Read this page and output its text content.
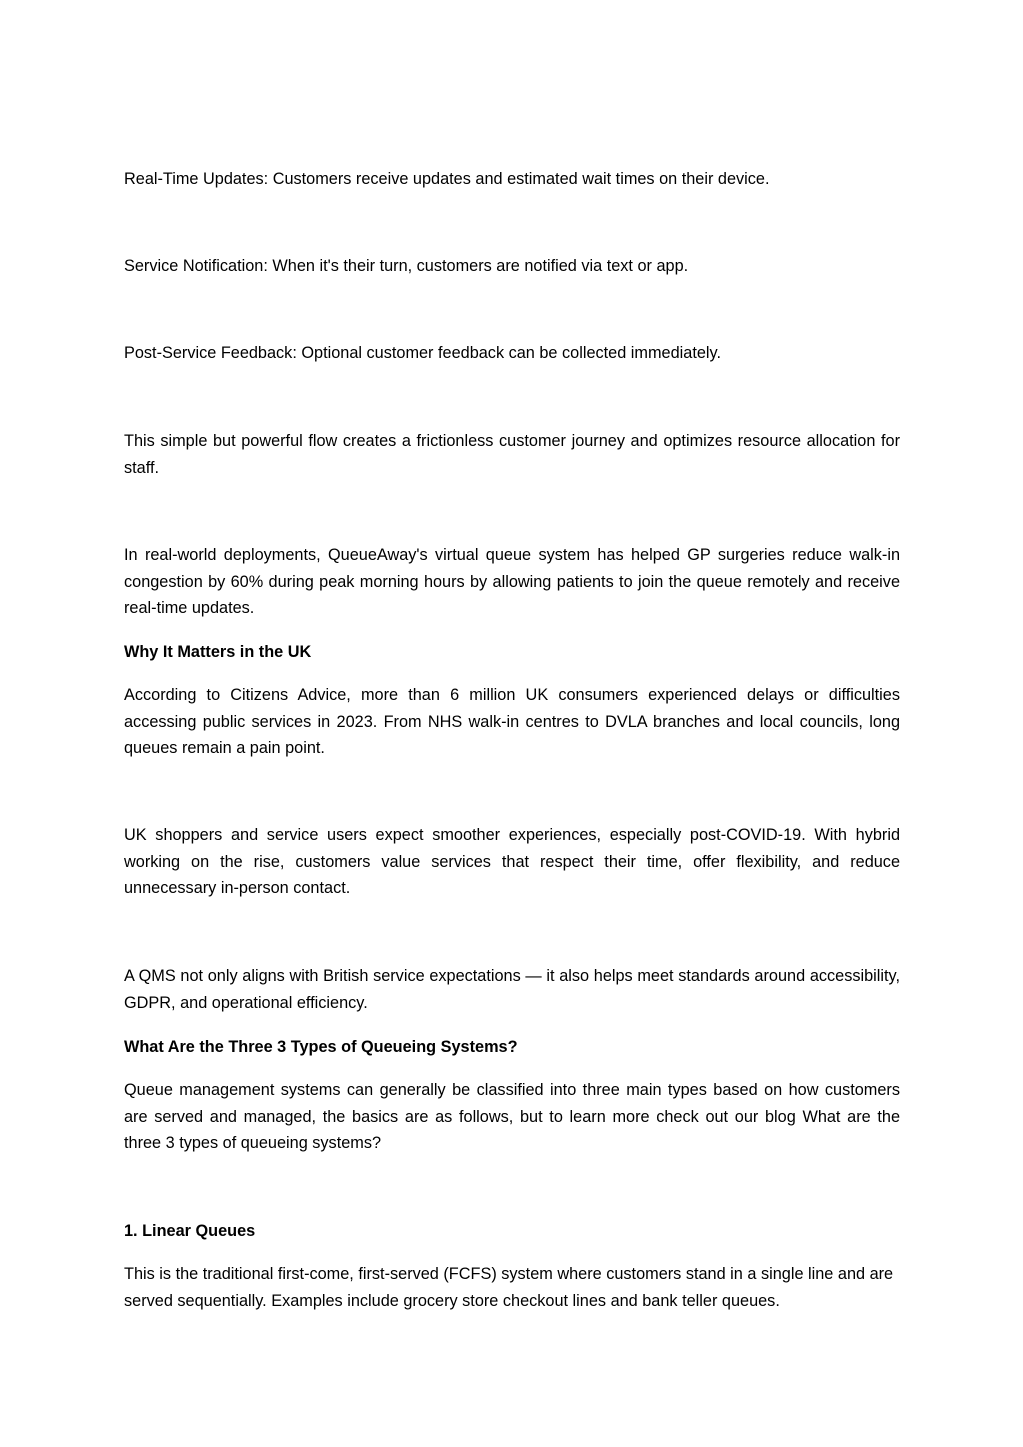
Real-Time Updates: Customers receive updates and estimated wait times on their device.

Service Notification: When it's their turn, customers are notified via text or app.

Post-Service Feedback: Optional customer feedback can be collected immediately.

This simple but powerful flow creates a frictionless customer journey and optimizes resource allocation for staff.

In real-world deployments, QueueAway's virtual queue system has helped GP surgeries reduce walk-in congestion by 60% during peak morning hours by allowing patients to join the queue remotely and receive real-time updates.

Why It Matters in the UK

According to Citizens Advice, more than 6 million UK consumers experienced delays or difficulties accessing public services in 2023. From NHS walk-in centres to DVLA branches and local councils, long queues remain a pain point.

UK shoppers and service users expect smoother experiences, especially post-COVID-19. With hybrid working on the rise, customers value services that respect their time, offer flexibility, and reduce unnecessary in-person contact.

A QMS not only aligns with British service expectations — it also helps meet standards around accessibility, GDPR, and operational efficiency.

What Are the Three 3 Types of Queueing Systems?

Queue management systems can generally be classified into three main types based on how customers are served and managed, the basics are as follows, but to learn more check out our blog What are the three 3 types of queueing systems?

1. Linear Queues

This is the traditional first-come, first-served (FCFS) system where customers stand in a single line and are served sequentially. Examples include grocery store checkout lines and bank teller queues.
